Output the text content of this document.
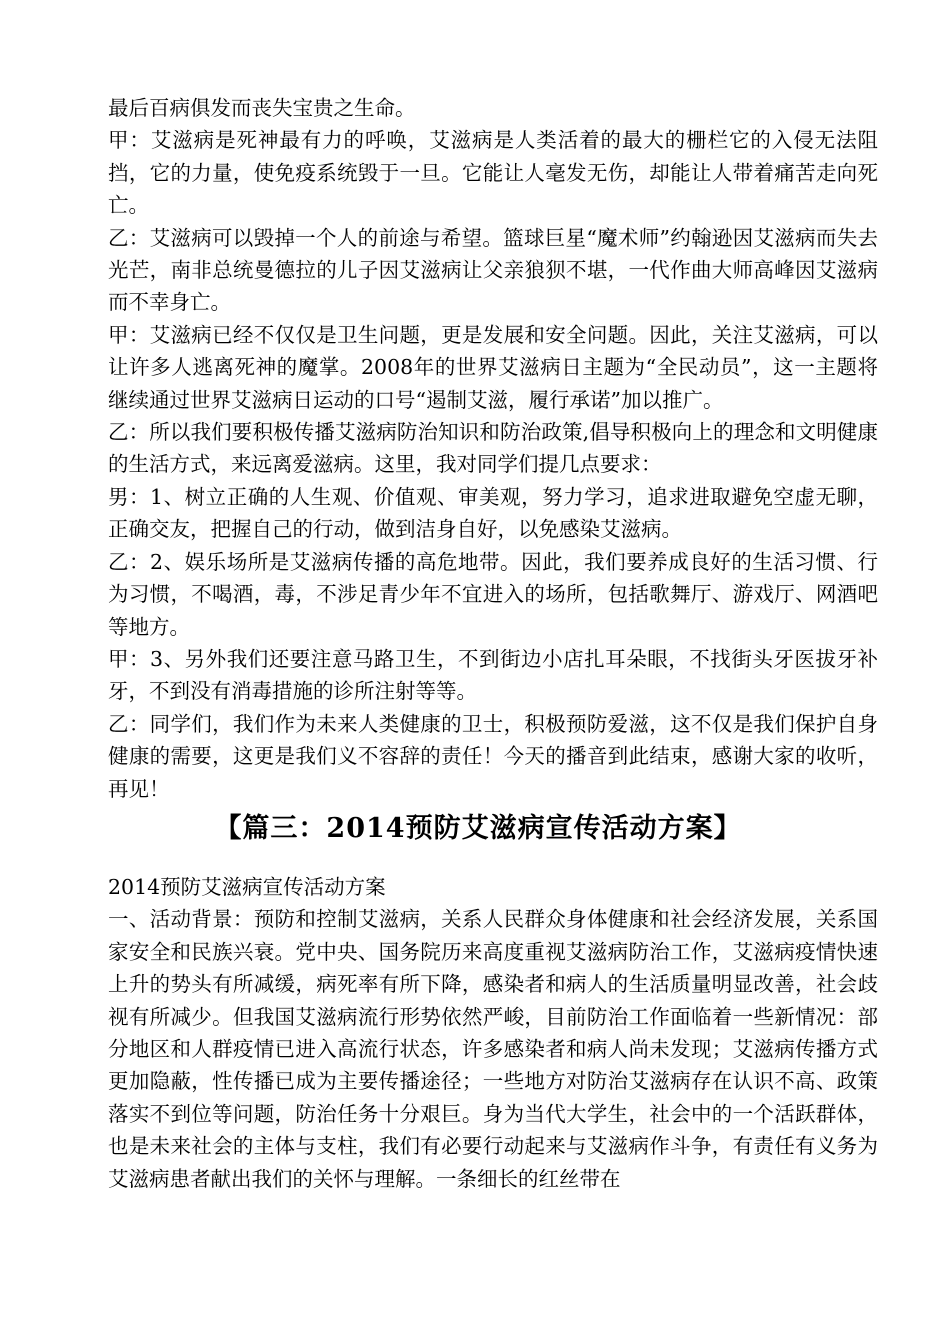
最后百病俱发而丧失宝贵之生命。

甲：艾滋病是死神最有力的呼唤，艾滋病是人类活着的最大的栅栏它的入侵无法阻挡，它的力量，使免疫系统毁于一旦。它能让人毫发无伤，却能让人带着痛苦走向死亡。

乙：艾滋病可以毁掉一个人的前途与希望。篮球巨星“魔术师”约翰逊因艾滋病而失去光芒，南非总统曼德拉的儿子因艾滋病让父亲狼狈不堪，一代作曲大师高峰因艾滋病而不幸身亡。

甲：艾滋病已经不仅仅是卫生问题，更是发展和安全问题。因此，关注艾滋病，可以让许多人逃离死神的魔掌。2008年的世界艾滋病日主题为“全民动员”，这一主题将继续通过世界艾滋病日运动的口号“遏制艾滋，履行承诺”加以推广。

乙：所以我们要积极传播艾滋病防治知识和防治政策,倡导积极向上的理念和文明健康的生活方式，来远离爱滋病。这里，我对同学们提几点要求：

男：1、树立正确的人生观、价值观、审美观，努力学习，追求进取避免空虚无聊，正确交友，把握自己的行动，做到洁身自好，以免感染艾滋病。

乙：2、娱乐场所是艾滋病传播的高危地带。因此，我们要养成良好的生活习惯、行为习惯，不喝酒，毒，不涉足青少年不宜进入的场所，包括歌舞厅、游戏厅、网酒吧等地方。

甲：3、另外我们还要注意马路卫生，不到街边小店扎耳朵眼，不找街头牙医拔牙补牙，不到没有消毒措施的诊所注射等等。

乙：同学们，我们作为未来人类健康的卫士，积极预防爱滋，这不仅是我们保护自身健康的需要，这更是我们义不容辞的责任！今天的播音到此结束，感谢大家的收听，再见！

【篇三：2014预防艾滋病宣传活动方案】

2014预防艾滋病宣传活动方案

一、活动背景：预防和控制艾滋病，关系人民群众身体健康和社会经济发展，关系国家安全和民族兴衰。党中央、国务院历来高度重视艾滋病防治工作，艾滋病疫情快速上升的势头有所减缓，病死率有所下降，感染者和病人的生活质量明显改善，社会歧视有所减少。但我国艾滋病流行形势依然严峻，目前防治工作面临着一些新情况：部分地区和人群疫情已进入高流行状态，许多感染者和病人尚未发现；艾滋病传播方式更加隐蔽，性传播已成为主要传播途径；一些地方对防治艾滋病存在认识不高、政策落实不到位等问题，防治任务十分艰巨。身为当代大学生，社会中的一个活跃群体，也是未来社会的主体与支柱，我们有必要行动起来与艾滋病作斗争，有责任有义务为艾滋病患者献出我们的关怀与理解。一条细长的红丝带在
